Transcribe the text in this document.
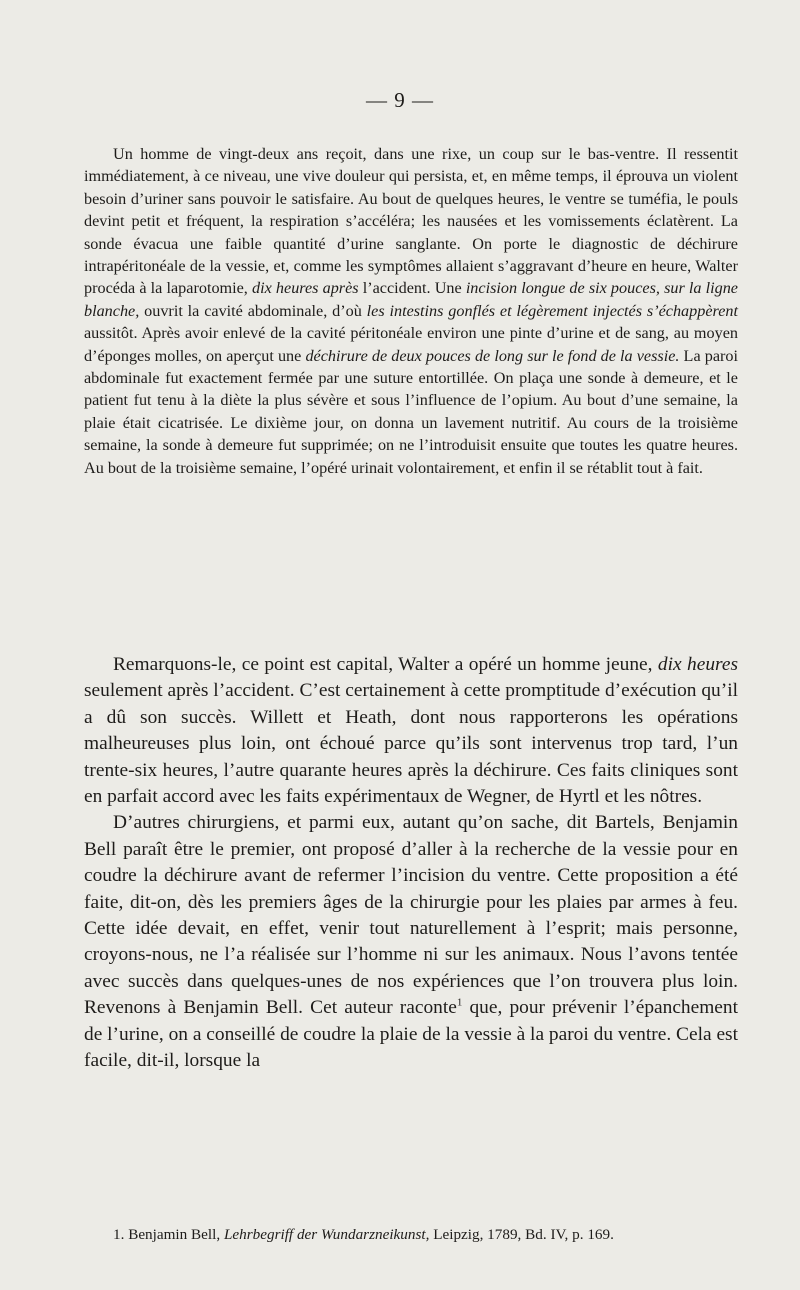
— 9 —

Un homme de vingt-deux ans reçoit, dans une rixe, un coup sur le bas-ventre. Il ressentit immédiatement, à ce niveau, une vive douleur qui persista, et, en même temps, il éprouva un violent besoin d’uriner sans pouvoir le satisfaire. Au bout de quelques heures, le ventre se tuméfia, le pouls devint petit et fréquent, la respiration s’accéléra; les nausées et les vomissements éclatèrent. La sonde évacua une faible quantité d’urine sanglante. On porte le diagnostic de déchirure intrapéritonéale de la vessie, et, comme les symptômes allaient s’aggravant d’heure en heure, Walter procéda à la laparotomie, dix heures après l’accident. Une incision longue de six pouces, sur la ligne blanche, ouvrit la cavité abdominale, d’où les intestins gonflés et légèrement injectés s’échappèrent aussitôt. Après avoir enlevé de la cavité péritonéale environ une pinte d’urine et de sang, au moyen d’éponges molles, on aperçut une déchirure de deux pouces de long sur le fond de la vessie. La paroi abdominale fut exactement fermée par une suture entortillée. On plaça une sonde à demeure, et le patient fut tenu à la diète la plus sévère et sous l’influence de l’opium. Au bout d’une semaine, la plaie était cicatrisée. Le dixième jour, on donna un lavement nutritif. Au cours de la troisième semaine, la sonde à demeure fut supprimée; on ne l’introduisit ensuite que toutes les quatre heures. Au bout de la troisième semaine, l’opéré urinait volontairement, et enfin il se rétablit tout à fait.

Remarquons-le, ce point est capital, Walter a opéré un homme jeune, dix heures seulement après l’accident. C’est certainement à cette promptitude d’exécution qu’il a dû son succès. Willett et Heath, dont nous rapporterons les opérations malheureuses plus loin, ont échoué parce qu’ils sont intervenus trop tard, l’un trente-six heures, l’autre quarante heures après la déchirure. Ces faits cliniques sont en parfait accord avec les faits expérimentaux de Wegner, de Hyrtl et les nôtres.

D’autres chirurgiens, et parmi eux, autant qu’on sache, dit Bartels, Benjamin Bell paraît être le premier, ont proposé d’aller à la recherche de la vessie pour en coudre la déchirure avant de refermer l’incision du ventre. Cette proposition a été faite, dit-on, dès les premiers âges de la chirurgie pour les plaies par armes à feu. Cette idée devait, en effet, venir tout naturellement à l’esprit; mais personne, croyons-nous, ne l’a réalisée sur l’homme ni sur les animaux. Nous l’avons tentée avec succès dans quelques-unes de nos expériences que l’on trouvera plus loin. Revenons à Benjamin Bell. Cet auteur raconte$^1$ que, pour prévenir l’épanchement de l’urine, on a conseillé de coudre la plaie de la vessie à la paroi du ventre. Cela est facile, dit-il, lorsque la

1. Benjamin Bell, Lehrbegriff der Wundarzneikunst, Leipzig, 1789, Bd. IV, p. 169.
